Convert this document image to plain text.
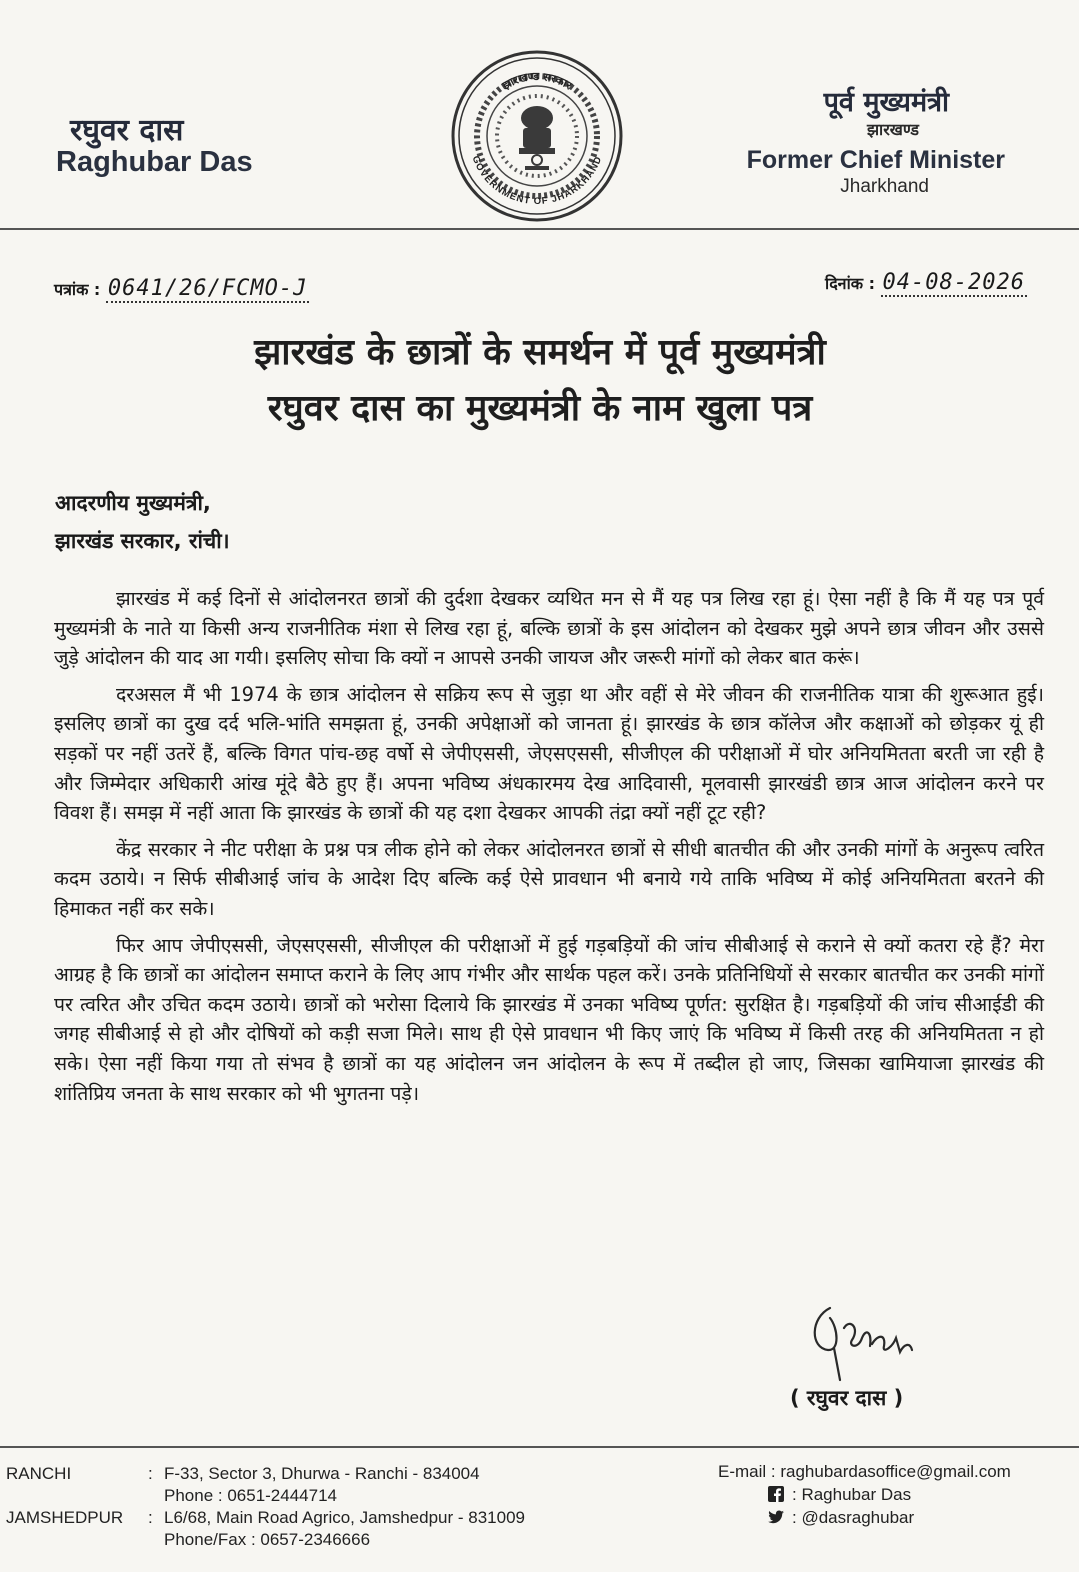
रघुवर दास
Raghubar Das
झारखण्ड सरकार
GOVERNMENT OF JHARKHAND
पूर्व मुख्यमंत्री
झारखण्ड
Former Chief Minister
Jharkhand
पत्रांक : 0641/26/FCMO-J	दिनांक : 04-08-2026
झारखंड के छात्रों के समर्थन में पूर्व मुख्यमंत्री
रघुवर दास का मुख्यमंत्री के नाम खुला पत्र
आदरणीय मुख्यमंत्री,
झारखंड सरकार, रांची।

झारखंड में कई दिनों से आंदोलनरत छात्रों की दुर्दशा देखकर व्यथित मन से मैं यह पत्र लिख रहा हूं। ऐसा नहीं है कि मैं यह पत्र पूर्व मुख्यमंत्री के नाते या किसी अन्य राजनीतिक मंशा से लिख रहा हूं, बल्कि छात्रों के इस आंदोलन को देखकर मुझे अपने छात्र जीवन और उससे जुड़े आंदोलन की याद आ गयी। इसलिए सोचा कि क्यों न आपसे उनकी जायज और जरूरी मांगों को लेकर बात करूं।

दरअसल मैं भी 1974 के छात्र आंदोलन से सक्रिय रूप से जुड़ा था और वहीं से मेरे जीवन की राजनीतिक यात्रा की शुरूआत हुई। इसलिए छात्रों का दुख दर्द भलि-भांति समझता हूं, उनकी अपेक्षाओं को जानता हूं। झारखंड के छात्र कॉलेज और कक्षाओं को छोड़कर यूं ही सड़कों पर नहीं उतरें हैं, बल्कि विगत पांच-छह वर्षो से जेपीएससी, जेएसएससी, सीजीएल की परीक्षाओं में घोर अनियमितता बरती जा रही है और जिम्मेदार अधिकारी आंख मूंदे बैठे हुए हैं। अपना भविष्य अंधकारमय देख आदिवासी, मूलवासी झारखंडी छात्र आज आंदोलन करने पर विवश हैं। समझ में नहीं आता कि झारखंड के छात्रों की यह दशा देखकर आपकी तंद्रा क्यों नहीं टूट रही?

केंद्र सरकार ने नीट परीक्षा के प्रश्न पत्र लीक होने को लेकर आंदोलनरत छात्रों से सीधी बातचीत की और उनकी मांगों के अनुरूप त्वरित कदम उठाये। न सिर्फ सीबीआई जांच के आदेश दिए बल्कि कई ऐसे प्रावधान भी बनाये गये ताकि भविष्य में कोई अनियमितता बरतने की हिमाकत नहीं कर सके।

फिर आप जेपीएससी, जेएसएससी, सीजीएल की परीक्षाओं में हुई गड़बड़ियों की जांच सीबीआई से कराने से क्यों कतरा रहे हैं? मेरा आग्रह है कि छात्रों का आंदोलन समाप्त कराने के लिए आप गंभीर और सार्थक पहल करें। उनके प्रतिनिधियों से सरकार बातचीत कर उनकी मांगों पर त्वरित और उचित कदम उठाये। छात्रों को भरोसा दिलाये कि झारखंड में उनका भविष्य पूर्णत: सुरक्षित है। गड़बड़ियों की जांच सीआईडी की जगह सीबीआई से हो और दोषियों को कड़ी सजा मिले। साथ ही ऐसे प्रावधान भी किए जाएं कि भविष्य में किसी तरह की अनियमितता न हो सके। ऐसा नहीं किया गया तो संभव है छात्रों का यह आंदोलन जन आंदोलन के रूप में तब्दील हो जाए, जिसका खामियाजा झारखंड की शांतिप्रिय जनता के साथ सरकार को भी भुगतना पड़े।

( रघुवर दास )
RANCHI	: F-33, Sector 3, Dhurwa - Ranchi - 834004
Phone : 0651-2444714
JAMSHEDPUR : L6/68, Main Road Agrico, Jamshedpur - 831009
Phone/Fax : 0657-2346666
E-mail : raghubardasoffice@gmail.com
: Raghubar Das
: @dasraghubar
